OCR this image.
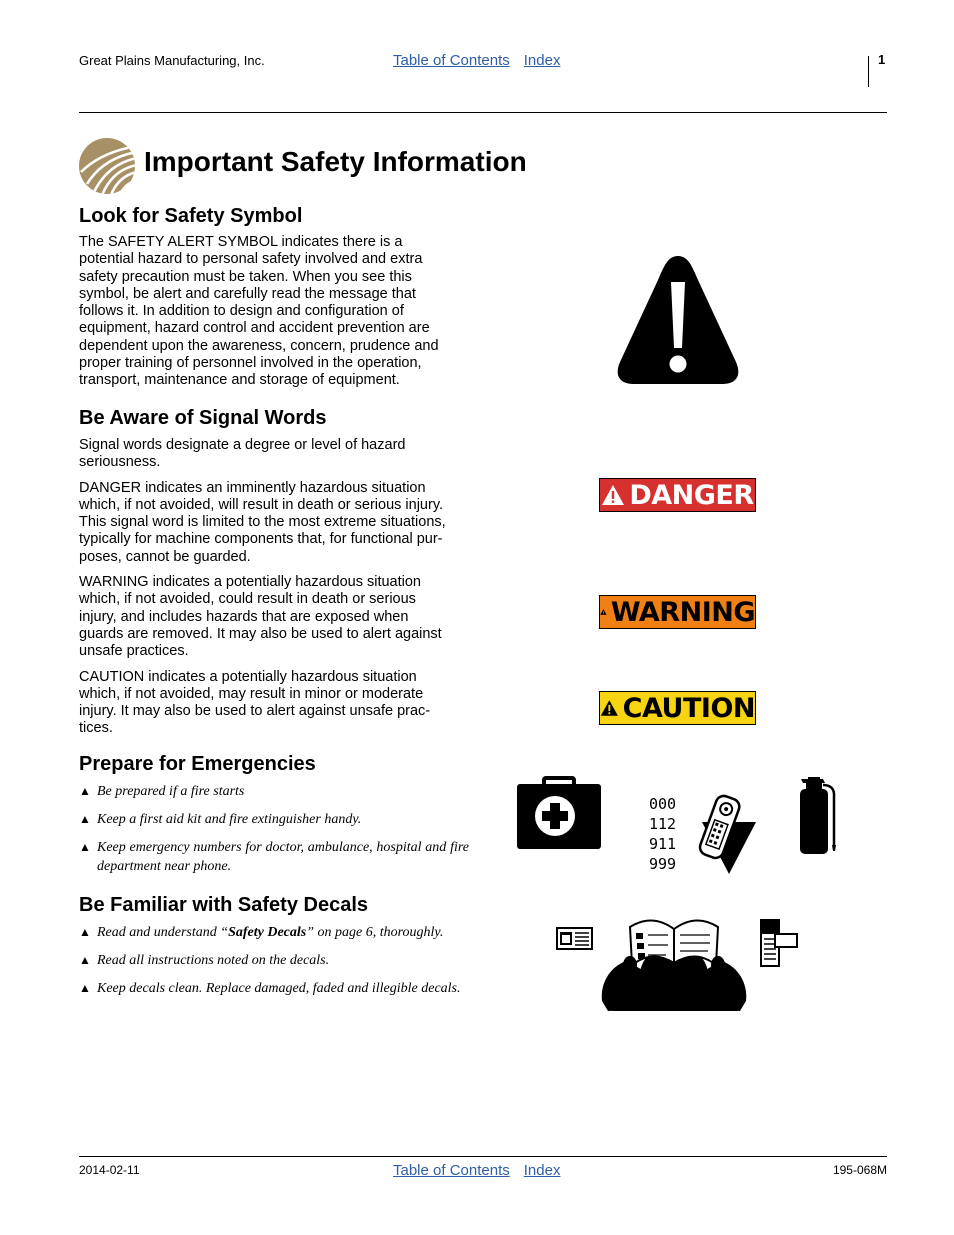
Great Plains Manufacturing, Inc.	Table of Contents Index	1
Important Safety Information
Look for Safety Symbol

The SAFETY ALERT SYMBOL indicates there is a
potential hazard to personal safety involved and extra
safety precaution must be taken. When you see this
symbol, be alert and carefully read the message that
follows it. In addition to design and configuration of
equipment, hazard control and accident prevention are
dependent upon the awareness, concern, prudence and
proper training of personnel involved in the operation,
transport, maintenance and storage of equipment.

Be Aware of Signal Words

Signal words designate a degree or level of hazard
seriousness.

DANGER indicates an imminently hazardous situation
which, if not avoided, will result in death or serious injury.
This signal word is limited to the most extreme situations,
typically for machine components that, for functional pur-
poses, cannot be guarded.

WARNING indicates a potentially hazardous situation
which, if not avoided, could result in death or serious
injury, and includes hazards that are exposed when
guards are removed. It may also be used to alert against
unsafe practices.

CAUTION indicates a potentially hazardous situation
which, if not avoided, may result in minor or moderate
injury. It may also be used to alert against unsafe prac-
tices.

DANGER
WARNING
CAUTION
Prepare for Emergencies
▲ Be prepared if a fire starts
▲ Keep a first aid kit and fire extinguisher handy.
▲ Keep emergency numbers for doctor, ambulance, hospital and fire department near phone.
000
112
911
999
Be Familiar with Safety Decals
▲ Read and understand “Safety Decals” on page 6, thoroughly.
▲ Read all instructions noted on the decals.
▲ Keep decals clean. Replace damaged, faded and illegible decals.
2014-02-11	Table of Contents Index	195-068M
